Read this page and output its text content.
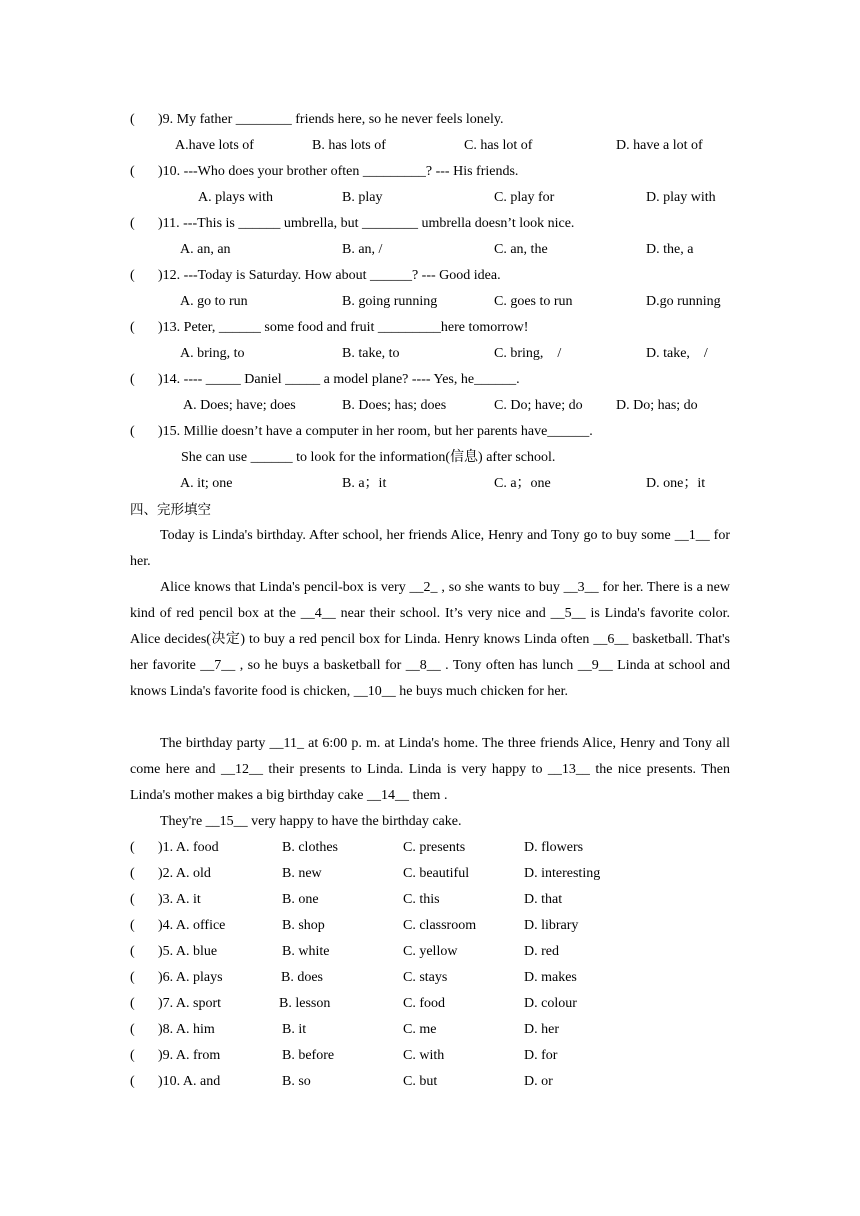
( )9. My father ________ friends here, so he never feels lonely.
A.have lots of	B. has lots of	C. has lot of	D. have a lot of
( )10. ---Who does your brother often _________? --- His friends.
A. plays with	B. play	C. play for	D. play with
( )11. ---This is ______ umbrella, but ________ umbrella doesn’t look nice.
A. an, an	B. an, /	C. an, the	D. the, a
( )12. ---Today is Saturday. How about ______? --- Good idea.
A. go to run	B. going running	C. goes to run	D.go running
( )13. Peter, ______ some food and fruit _________here tomorrow!
A. bring, to	B. take, to	C. bring,    /	D. take,    /
( )14. ---- _____ Daniel _____ a model plane? ---- Yes, he______.
A. Does; have; does	B. Does; has; does	C. Do; have; do D. Do; has; do
( )15. Millie doesn’t have a computer in her room, but her parents have______.
She can use ______ to look for the information(信息) after school.
A. it; one	B. a；it	C. a；one	D. one；it
四、完形填空

Today is Linda's birthday. After school, her friends Alice, Henry and Tony go to buy some __1__ for her.

Alice knows that Linda's pencil-box is very __2_ , so she wants to buy __3__ for her. There is a new kind of red pencil box at the __4__ near their school. It’s very nice and __5__ is Linda's favorite color. Alice decides(决定) to buy a red pencil box for Linda. Henry knows Linda often __6__ basketball. That's her favorite __7__ , so he buys a basketball for __8__ . Tony often has lunch __9__ Linda at school and knows Linda's favorite food is chicken, __10__ he buys much chicken for her.

The birthday party __11_ at 6:00 p. m. at Linda's home. The three friends Alice, Henry and Tony all come here and __12__ their presents to Linda. Linda is very happy to __13__ the nice presents. Then Linda's mother makes a big birthday cake __14__ them .

They're __15__ very happy to have the birthday cake.

( )1. A. food	B. clothes	C. presents	D. flowers
( )2. A. old	B. new	C. beautiful	D. interesting
( )3. A. it	B. one	C. this	D. that
( )4. A. office	B. shop	C. classroom	D. library
( )5. A. blue	B. white	C. yellow	D. red
( )6. A. plays	B. does	C. stays	D. makes
( )7. A. sport	B. lesson	C. food	D. colour
( )8. A. him	B. it	C. me	D. her
( )9. A. from	B. before	C. with	D. for
( )10. A. and	B. so	C. but	D. or
